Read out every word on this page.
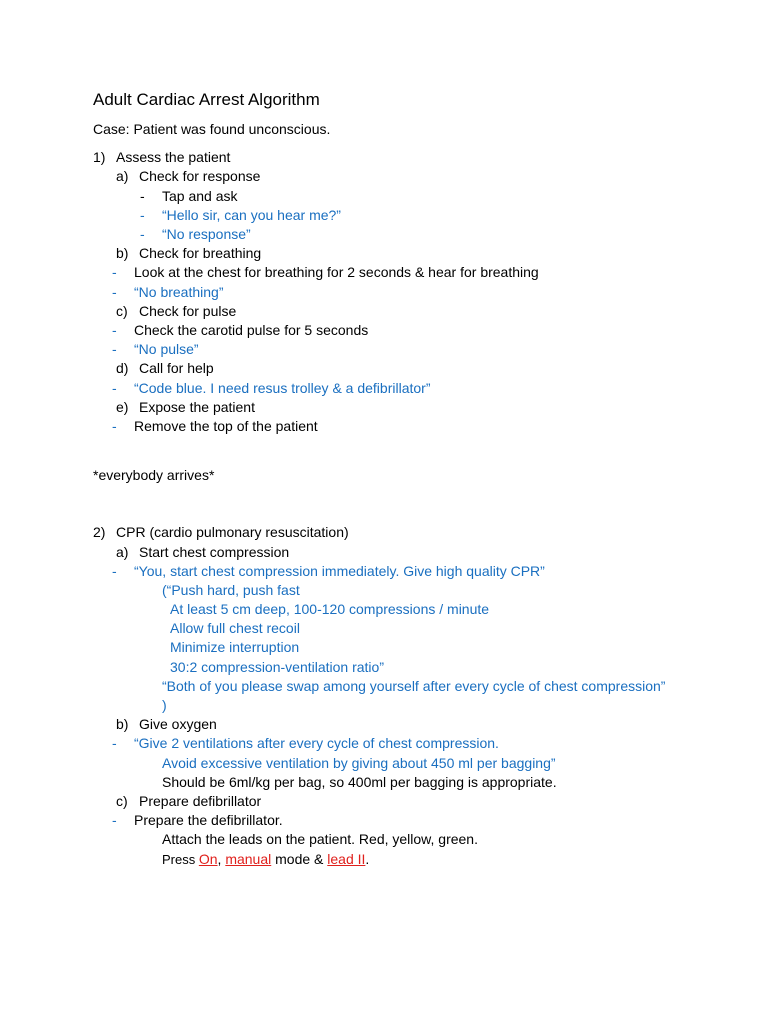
Adult Cardiac Arrest Algorithm
Case: Patient was found unconscious.
1) Assess the patient
a) Check for response
- Tap and ask
- “Hello sir, can you hear me?”
- “No response”
b) Check for breathing
- Look at the chest for breathing for 2 seconds & hear for breathing
- “No breathing”
c) Check for pulse
- Check the carotid pulse for 5 seconds
- “No pulse”
d) Call for help
- “Code blue. I need resus trolley & a defibrillator”
e) Expose the patient
- Remove the top of the patient
*everybody arrives*
2) CPR (cardio pulmonary resuscitation)
a) Start chest compression
- “You, start chest compression immediately. Give high quality CPR”
(“Push hard, push fast
At least 5 cm deep, 100-120 compressions / minute
Allow full chest recoil
Minimize interruption
30:2 compression-ventilation ratio”
“Both of you please swap among yourself after every cycle of chest compression”
)
b) Give oxygen
- “Give 2 ventilations after every cycle of chest compression.
Avoid excessive ventilation by giving about 450 ml per bagging”
Should be 6ml/kg per bag, so 400ml per bagging is appropriate.
c) Prepare defibrillator
- Prepare the defibrillator.
Attach the leads on the patient. Red, yellow, green.
Press On, manual mode & lead II.
